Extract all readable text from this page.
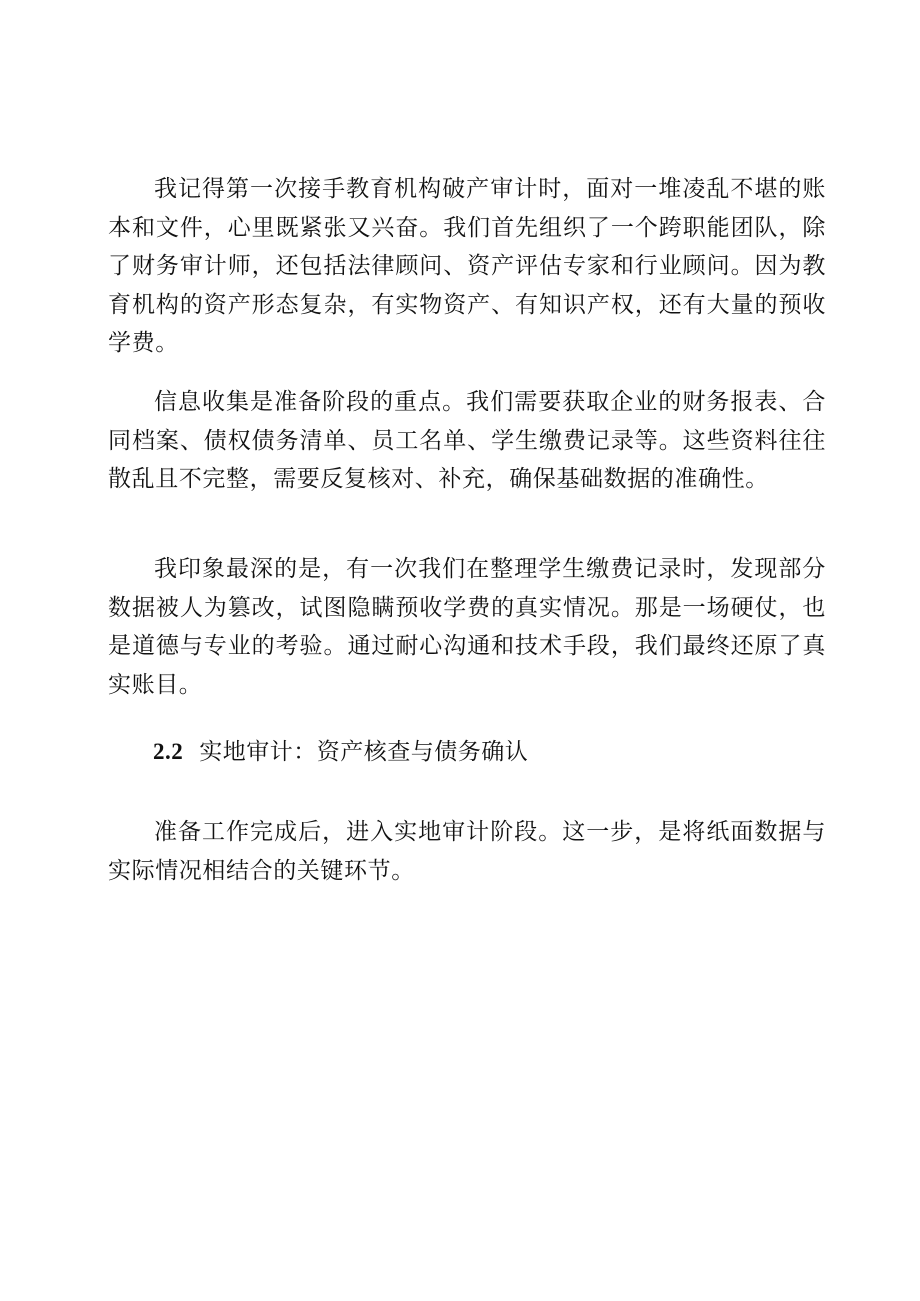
我记得第一次接手教育机构破产审计时，面对一堆凌乱不堪的账本和文件，心里既紧张又兴奋。我们首先组织了一个跨职能团队，除了财务审计师，还包括法律顾问、资产评估专家和行业顾问。因为教育机构的资产形态复杂，有实物资产、有知识产权，还有大量的预收学费。

信息收集是准备阶段的重点。我们需要获取企业的财务报表、合同档案、债权债务清单、员工名单、学生缴费记录等。这些资料往往散乱且不完整，需要反复核对、补充，确保基础数据的准确性。

我印象最深的是，有一次我们在整理学生缴费记录时，发现部分数据被人为篡改，试图隐瞒预收学费的真实情况。那是一场硬仗，也是道德与专业的考验。通过耐心沟通和技术手段，我们最终还原了真实账目。

2.2 实地审计：资产核查与债务确认

准备工作完成后，进入实地审计阶段。这一步，是将纸面数据与实际情况相结合的关键环节。
